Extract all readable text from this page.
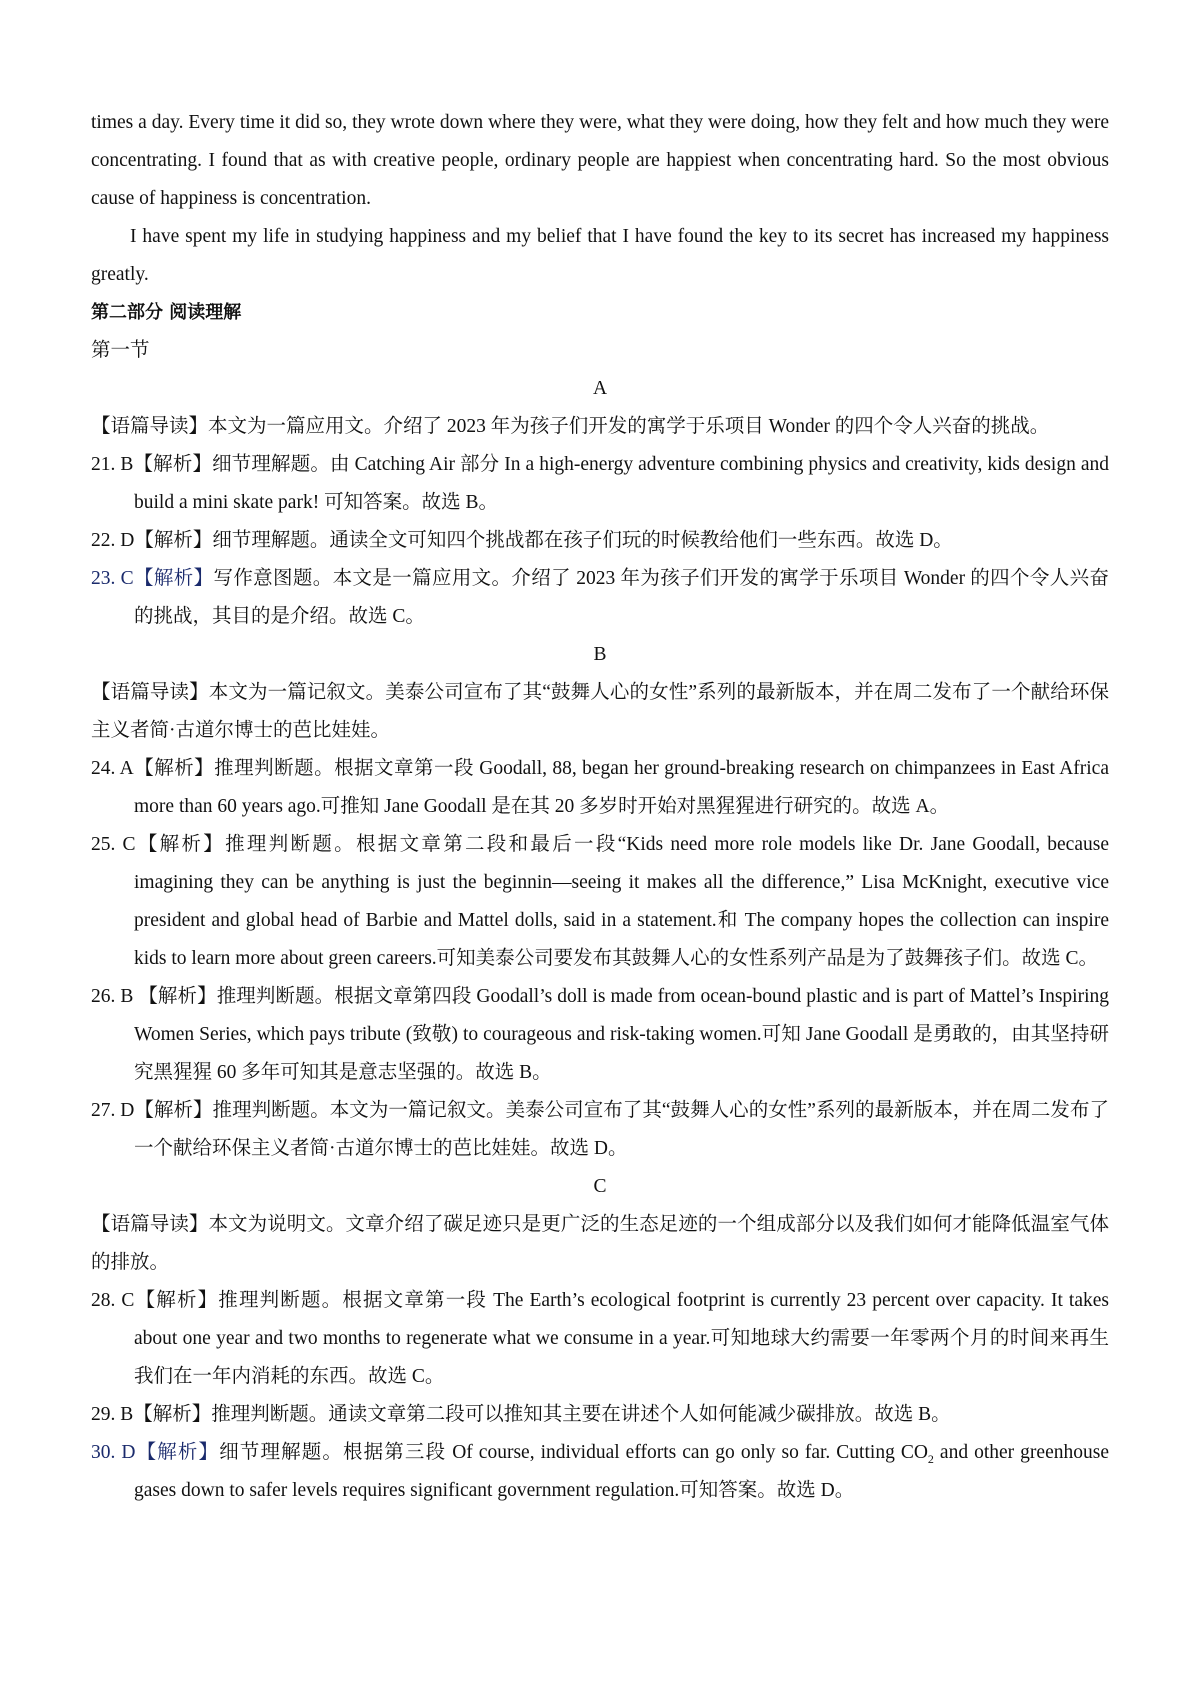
times a day. Every time it did so, they wrote down where they were, what they were doing, how they felt and how much they were concentrating. I found that as with creative people, ordinary people are happiest when concentrating hard. So the most obvious cause of happiness is concentration.

I have spent my life in studying happiness and my belief that I have found the key to its secret has increased my happiness greatly.

第二部分 阅读理解

第一节

A

【语篇导读】本文为一篇应用文。介绍了 2023 年为孩子们开发的寓学于乐项目 Wonder 的四个令人兴奋的挑战。

21. B【解析】细节理解题。由 Catching Air 部分 In a high-energy adventure combining physics and creativity, kids design and build a mini skate park! 可知答案。故选 B。

22. D【解析】细节理解题。通读全文可知四个挑战都在孩子们玩的时候教给他们一些东西。故选 D。

23. C【解析】写作意图题。本文是一篇应用文。介绍了 2023 年为孩子们开发的寓学于乐项目 Wonder 的四个令人兴奋的挑战，其目的是介绍。故选 C。

B

【语篇导读】本文为一篇记叙文。美泰公司宣布了其“鼓舞人心的女性”系列的最新版本，并在周二发布了一个献给环保主义者简·古道尔博士的芭比娃娃。

24. A【解析】推理判断题。根据文章第一段 Goodall, 88, began her ground-breaking research on chimpanzees in East Africa more than 60 years ago.可推知 Jane Goodall 是在其 20 多岁时开始对黑猩猩进行研究的。故选 A。

25. C【解析】推理判断题。根据文章第二段和最后一段“Kids need more role models like Dr. Jane Goodall, because imagining they can be anything is just the beginnin—seeing it makes all the difference,” Lisa McKnight, executive vice president and global head of Barbie and Mattel dolls, said in a statement.和 The company hopes the collection can inspire kids to learn more about green careers.可知美泰公司要发布其鼓舞人心的女性系列产品是为了鼓舞孩子们。故选 C。

26. B 【解析】推理判断题。根据文章第四段 Goodall’s doll is made from ocean-bound plastic and is part of Mattel’s Inspiring Women Series, which pays tribute (致敬) to courageous and risk-taking women.可知 Jane Goodall 是勇敢的，由其坚持研究黑猩猩 60 多年可知其是意志坚强的。故选 B。

27. D【解析】推理判断题。本文为一篇记叙文。美泰公司宣布了其“鼓舞人心的女性”系列的最新版本，并在周二发布了一个献给环保主义者简·古道尔博士的芭比娃娃。故选 D。

C

【语篇导读】本文为说明文。文章介绍了碳足迹只是更广泛的生态足迹的一个组成部分以及我们如何才能降低温室气体的排放。

28. C【解析】推理判断题。根据文章第一段 The Earth’s ecological footprint is currently 23 percent over capacity. It takes about one year and two months to regenerate what we consume in a year.可知地球大约需要一年零两个月的时间来再生我们在一年内消耗的东西。故选 C。

29. B【解析】推理判断题。通读文章第二段可以推知其主要在讲述个人如何能减少碳排放。故选 B。

30. D【解析】细节理解题。根据第三段 Of course, individual efforts can go only so far. Cutting $CO_2$ and other greenhouse gases down to safer levels requires significant government regulation.可知答案。故选 D。
